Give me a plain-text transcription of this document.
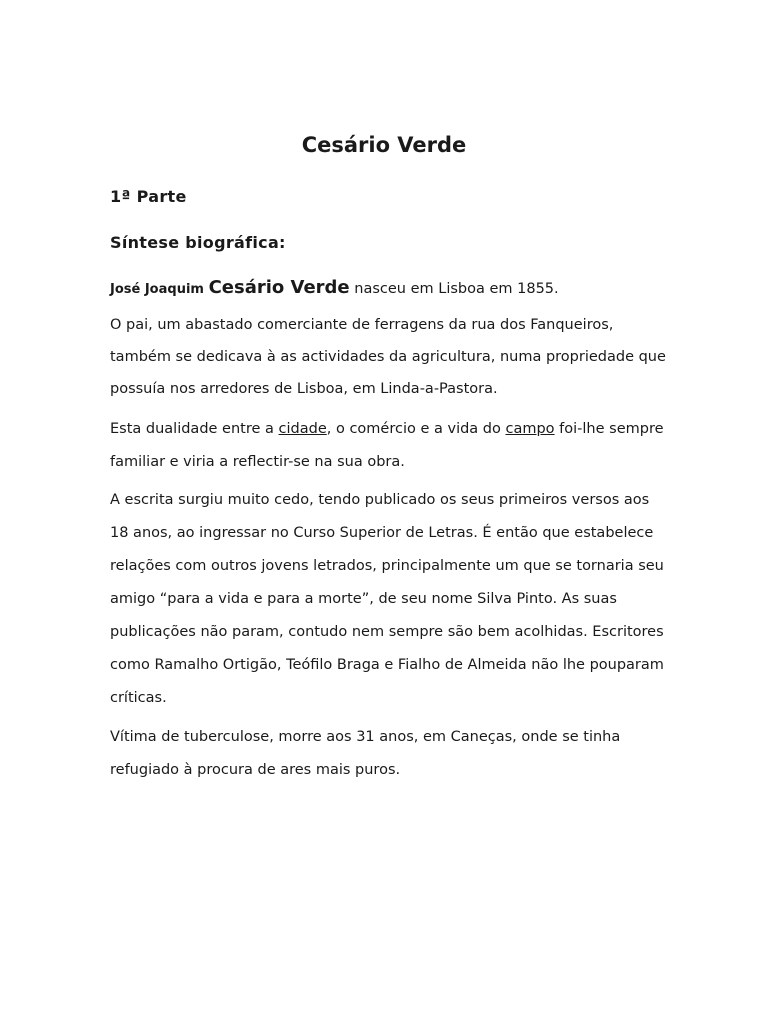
Cesário Verde
1ª Parte
Síntese biográfica:
José Joaquim Cesário Verde nasceu em Lisboa em 1855.
O pai, um abastado comerciante de ferragens da rua dos Fanqueiros,
também se dedicava à as actividades da agricultura, numa propriedade que
possuía nos arredores de Lisboa, em Linda-a-Pastora.
Esta dualidade entre a cidade, o comércio e a vida do campo foi-lhe sempre
familiar e viria a reflectir-se na sua obra.
A escrita surgiu muito cedo, tendo publicado os seus primeiros versos aos
18 anos, ao ingressar no Curso Superior de Letras. É então que estabelece
relações com outros jovens letrados, principalmente um que se tornaria seu
amigo “para a vida e para a morte”, de seu nome Silva Pinto. As suas
publicações não param, contudo nem sempre são bem acolhidas. Escritores
como Ramalho Ortigão, Teófilo Braga e Fialho de Almeida não lhe pouparam
críticas.
Vítima de tuberculose, morre aos 31 anos, em Caneças, onde se tinha
refugiado à procura de ares mais puros.
